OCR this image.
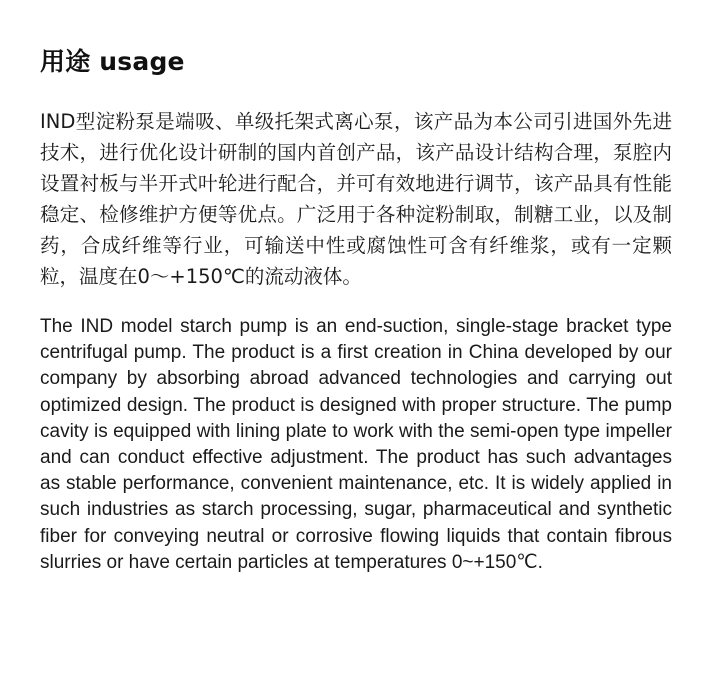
用途 usage

IND型淀粉泵是端吸、单级托架式离心泵，该产品为本公司引进国外先进技术，进行优化设计研制的国内首创产品，该产品设计结构合理，泵腔内设置衬板与半开式叶轮进行配合，并可有效地进行调节，该产品具有性能稳定、检修维护方便等优点。广泛用于各种淀粉制取，制糖工业，以及制药，合成纤维等行业，可输送中性或腐蚀性可含有纤维浆，或有一定颗粒，温度在0～+150℃的流动液体。

The IND model starch pump is an end-suction, single-stage bracket type centrifugal pump. The product is a first creation in China developed by our company by absorbing abroad advanced technologies and carrying out optimized design. The product is designed with proper structure. The pump cavity is equipped with lining plate to work with the semi-open type impeller and can conduct effective adjustment. The product has such advantages as stable performance, convenient maintenance, etc. It is widely applied in such industries as starch processing, sugar, pharmaceutical and synthetic fiber for conveying neutral or corrosive flowing liquids that contain fibrous slurries or have certain particles at temperatures 0~+150℃.
